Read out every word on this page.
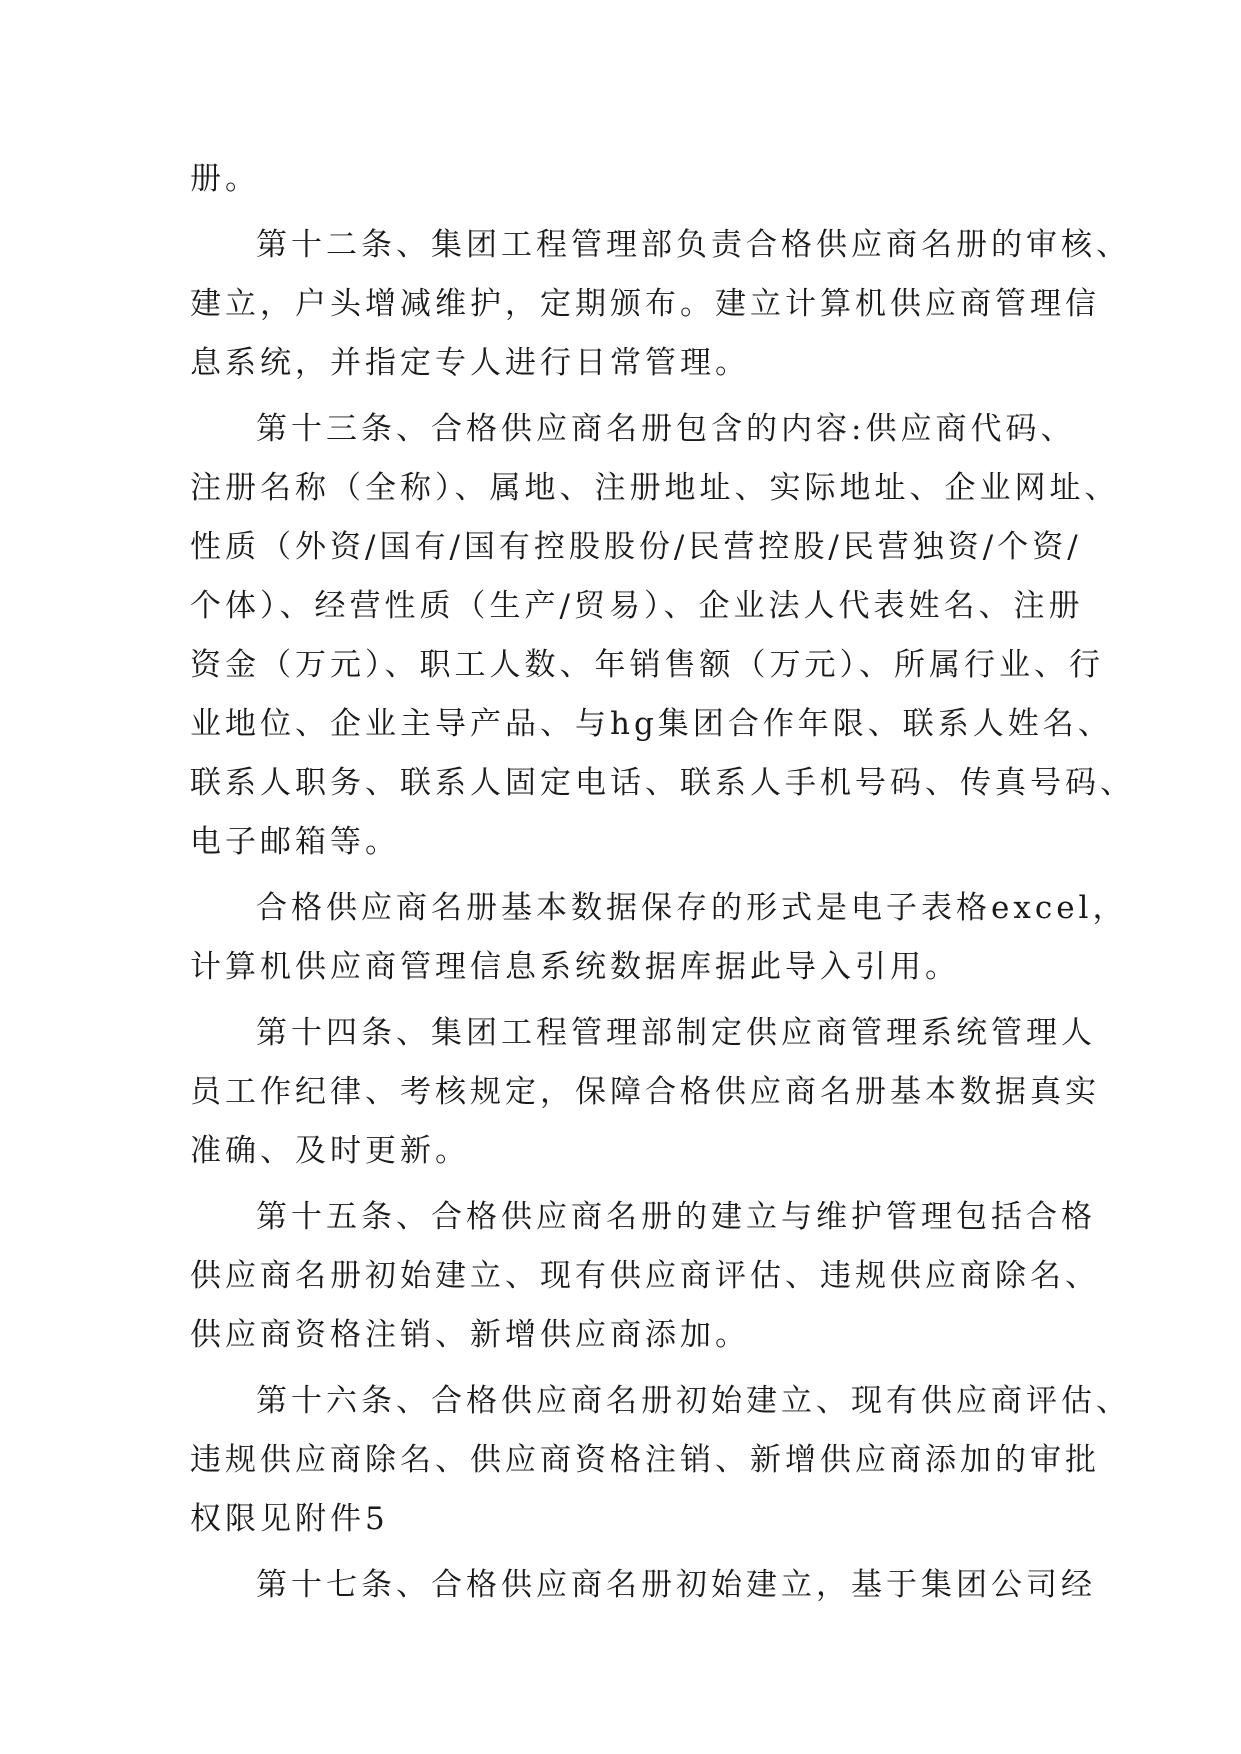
册。
第十二条、集团工程管理部负责合格供应商名册的审核、
建立，户头增减维护，定期颁布。建立计算机供应商管理信
息系统，并指定专人进行日常管理。
第十三条、合格供应商名册包含的内容:供应商代码、
注册名称（全称）、属地、注册地址、实际地址、企业网址、
性质（外资/国有/国有控股股份/民营控股/民营独资/个资/
个体）、经营性质（生产/贸易）、企业法人代表姓名、注册
资金（万元）、职工人数、年销售额（万元）、所属行业、行
业地位、企业主导产品、与hg集团合作年限、联系人姓名、
联系人职务、联系人固定电话、联系人手机号码、传真号码、
电子邮箱等。
合格供应商名册基本数据保存的形式是电子表格excel，
计算机供应商管理信息系统数据库据此导入引用。
第十四条、集团工程管理部制定供应商管理系统管理人
员工作纪律、考核规定，保障合格供应商名册基本数据真实
准确、及时更新。
第十五条、合格供应商名册的建立与维护管理包括合格
供应商名册初始建立、现有供应商评估、违规供应商除名、
供应商资格注销、新增供应商添加。
第十六条、合格供应商名册初始建立、现有供应商评估、
违规供应商除名、供应商资格注销、新增供应商添加的审批
权限见附件5
第十七条、合格供应商名册初始建立，基于集团公司经
